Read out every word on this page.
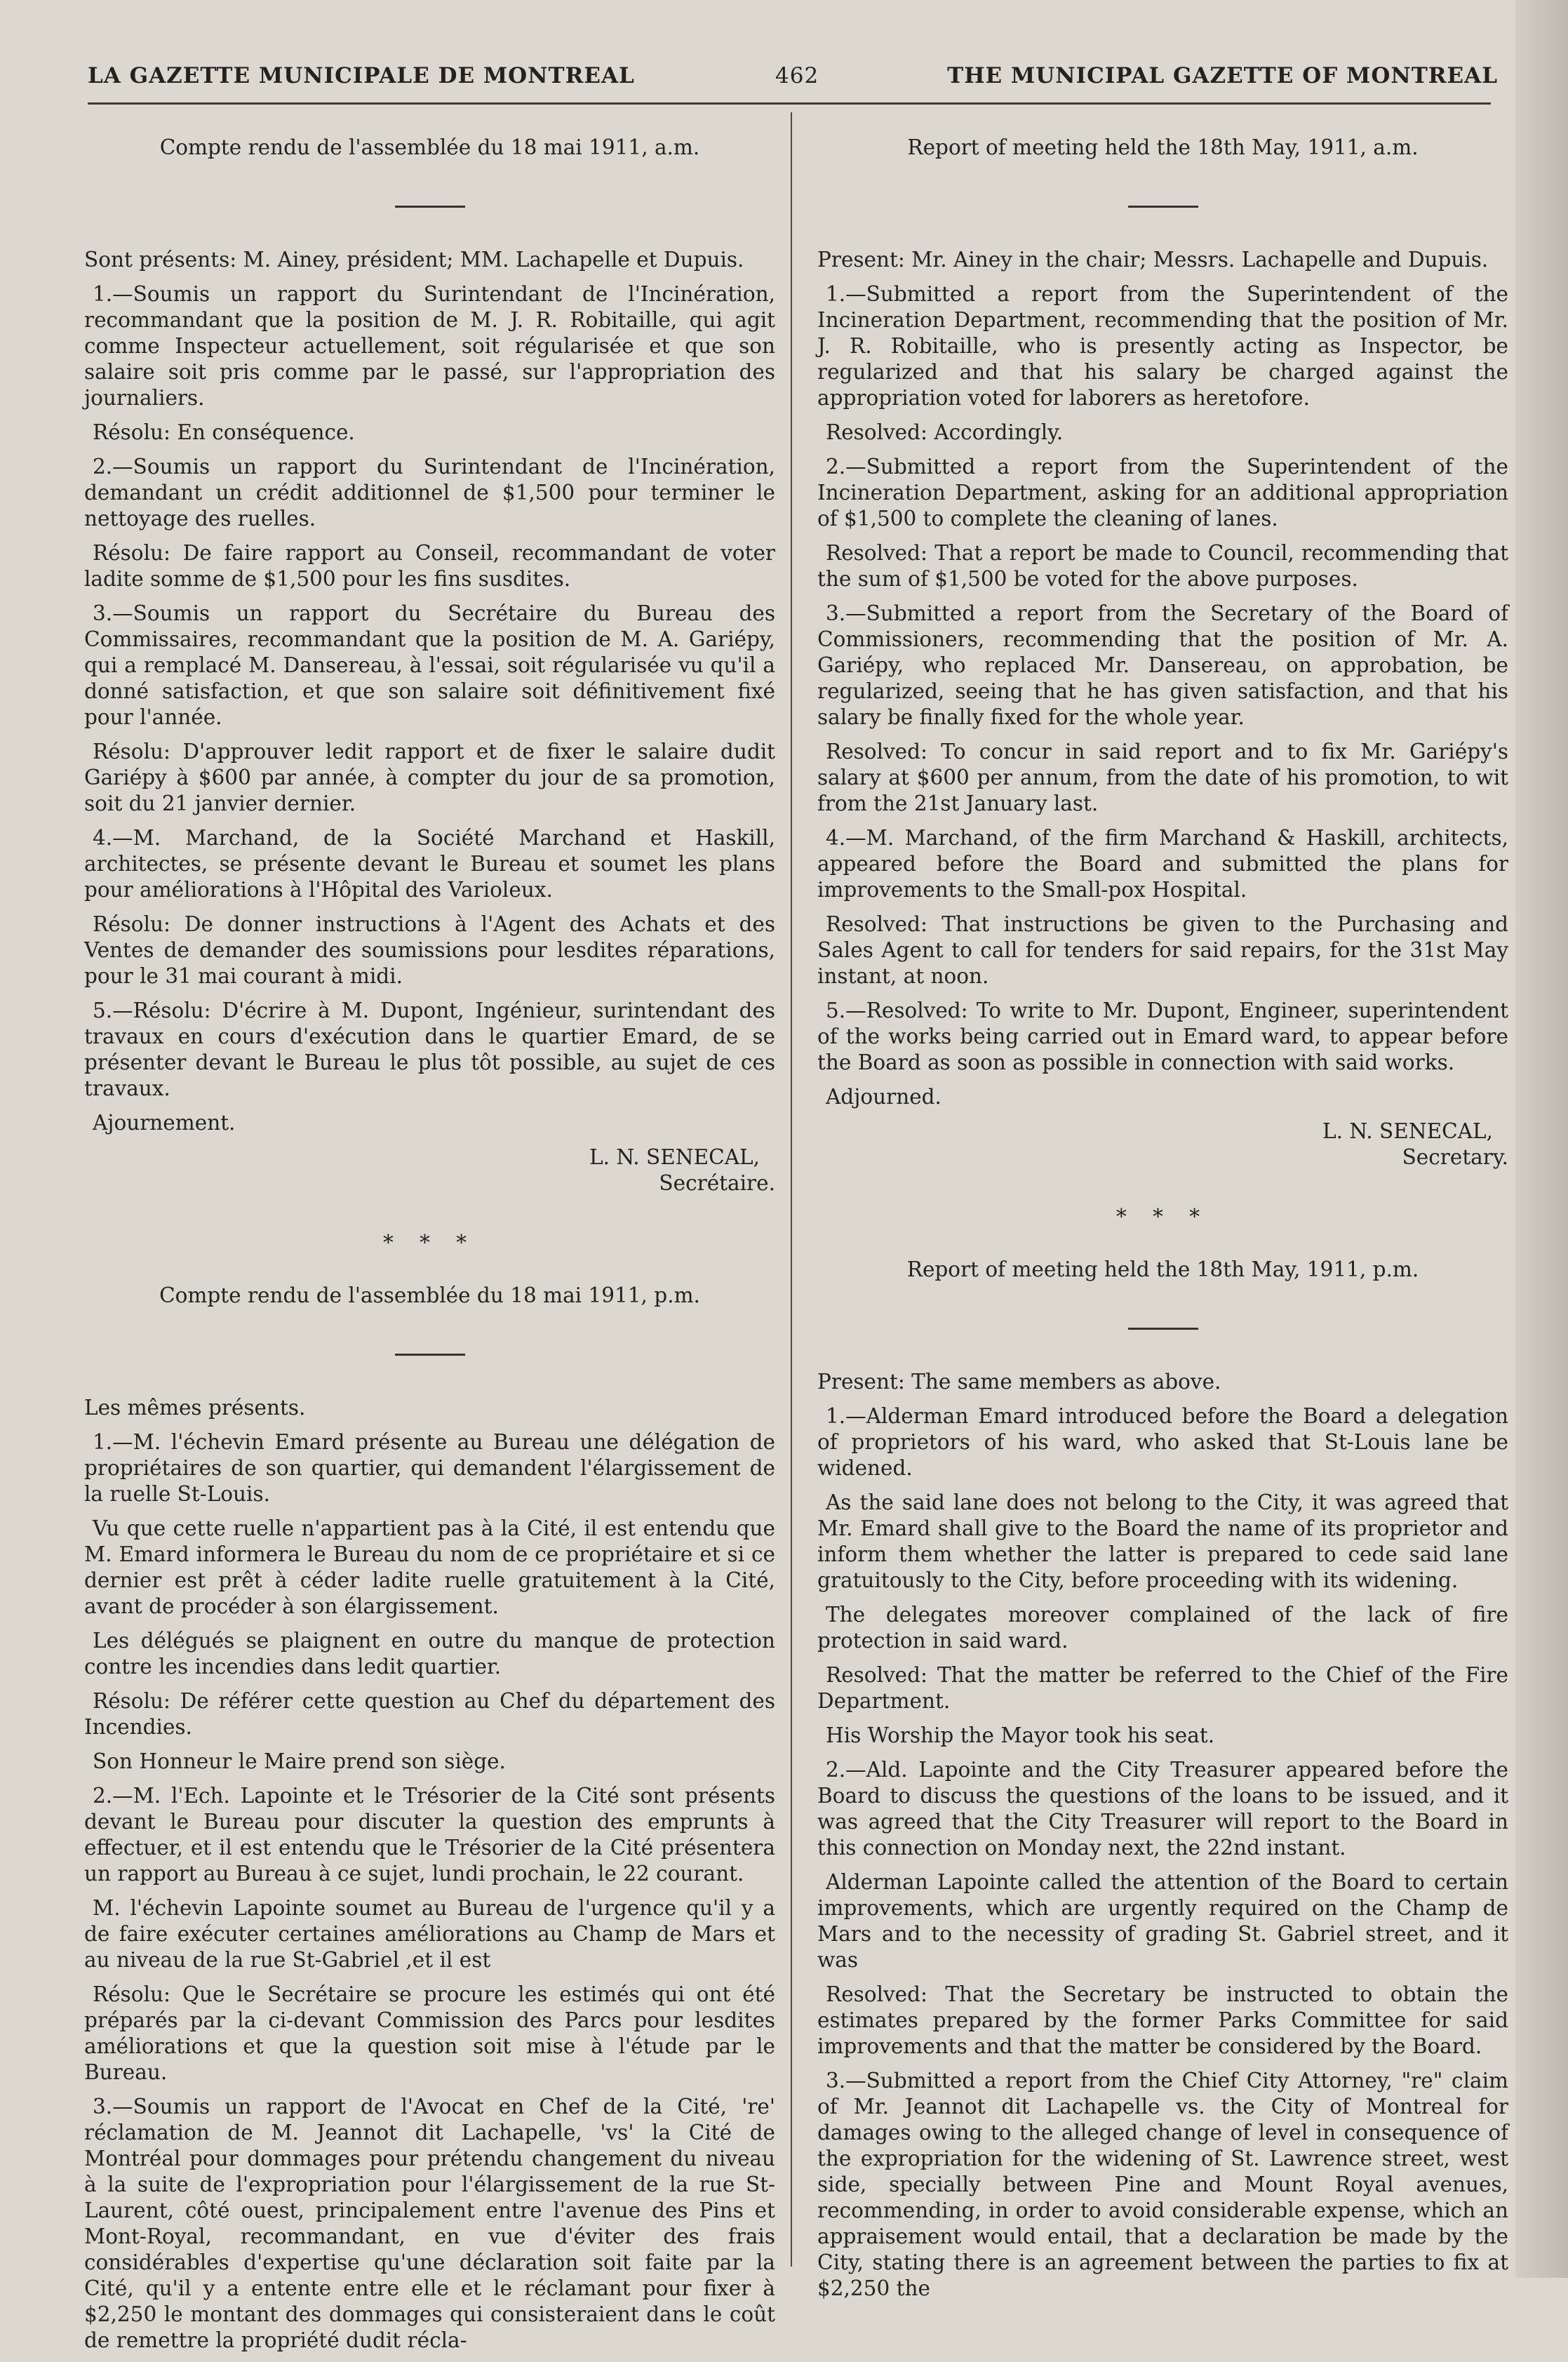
LA GAZETTE MUNICIPALE DE MONTREAL	462	THE MUNICIPAL GAZETTE OF MONTREAL
Compte rendu de l'assemblée du 18 mai 1911, a.m.

Sont présents: M. Ainey, président; MM. Lachapelle et Dupuis.

1.—Soumis un rapport du Surintendant de l'Incinération, recommandant que la position de M. J. R. Robitaille, qui agit comme Inspecteur actuellement, soit régularisée et que son salaire soit pris comme par le passé, sur l'appropriation des journaliers.

Résolu: En conséquence.

2.—Soumis un rapport du Surintendant de l'Incinération, demandant un crédit additionnel de $1,500 pour terminer le nettoyage des ruelles.

Résolu: De faire rapport au Conseil, recommandant de voter ladite somme de $1,500 pour les fins susdites.

3.—Soumis un rapport du Secrétaire du Bureau des Commissaires, recommandant que la position de M. A. Gariépy, qui a remplacé M. Dansereau, à l'essai, soit régularisée vu qu'il a donné satisfaction, et que son salaire soit définitivement fixé pour l'année.

Résolu: D'approuver ledit rapport et de fixer le salaire dudit Gariépy à $600 par année, à compter du jour de sa promotion, soit du 21 janvier dernier.

4.—M. Marchand, de la Société Marchand et Haskill, architectes, se présente devant le Bureau et soumet les plans pour améliorations à l'Hôpital des Varioleux.

Résolu: De donner instructions à l'Agent des Achats et des Ventes de demander des soumissions pour lesdites réparations, pour le 31 mai courant à midi.

5.—Résolu: D'écrire à M. Dupont, Ingénieur, surintendant des travaux en cours d'exécution dans le quartier Emard, de se présenter devant le Bureau le plus tôt possible, au sujet de ces travaux.

Ajournement.

L. N. SENECAL,
Secrétaire.
* * *
Compte rendu de l'assemblée du 18 mai 1911, p.m.

Les mêmes présents.

1.—M. l'échevin Emard présente au Bureau une délégation de propriétaires de son quartier, qui demandent l'élargissement de la ruelle St-Louis.

Vu que cette ruelle n'appartient pas à la Cité, il est entendu que M. Emard informera le Bureau du nom de ce propriétaire et si ce dernier est prêt à céder ladite ruelle gratuitement à la Cité, avant de procéder à son élargissement.

Les délégués se plaignent en outre du manque de protection contre les incendies dans ledit quartier.

Résolu: De référer cette question au Chef du département des Incendies.

Son Honneur le Maire prend son siège.

2.—M. l'Ech. Lapointe et le Trésorier de la Cité sont présents devant le Bureau pour discuter la question des emprunts à effectuer, et il est entendu que le Trésorier de la Cité présentera un rapport au Bureau à ce sujet, lundi prochain, le 22 courant.

M. l'échevin Lapointe soumet au Bureau de l'urgence qu'il y a de faire exécuter certaines améliorations au Champ de Mars et au niveau de la rue St-Gabriel ,et il est

Résolu: Que le Secrétaire se procure les estimés qui ont été préparés par la ci-devant Commission des Parcs pour lesdites améliorations et que la question soit mise à l'étude par le Bureau.

3.—Soumis un rapport de l'Avocat en Chef de la Cité, 're' réclamation de M. Jeannot dit Lachapelle, 'vs' la Cité de Montréal pour dommages pour prétendu changement du niveau à la suite de l'expropriation pour l'élargissement de la rue St-Laurent, côté ouest, principalement entre l'avenue des Pins et Mont-Royal, recommandant, en vue d'éviter des frais considérables d'expertise qu'une déclaration soit faite par la Cité, qu'il y a entente entre elle et le réclamant pour fixer à $2,250 le montant des dommages qui consisteraient dans le coût de remettre la propriété dudit récla-

Report of meeting held the 18th May, 1911, a.m.

Present: Mr. Ainey in the chair; Messrs. Lachapelle and Dupuis.

1.—Submitted a report from the Superintendent of the Incineration Department, recommending that the position of Mr. J. R. Robitaille, who is presently acting as Inspector, be regularized and that his salary be charged against the appropriation voted for laborers as heretofore.

Resolved: Accordingly.

2.—Submitted a report from the Superintendent of the Incineration Department, asking for an additional appropriation of $1,500 to complete the cleaning of lanes.

Resolved: That a report be made to Council, recommending that the sum of $1,500 be voted for the above purposes.

3.—Submitted a report from the Secretary of the Board of Commissioners, recommending that the position of Mr. A. Gariépy, who replaced Mr. Dansereau, on approbation, be regularized, seeing that he has given satisfaction, and that his salary be finally fixed for the whole year.

Resolved: To concur in said report and to fix Mr. Gariépy's salary at $600 per annum, from the date of his promotion, to wit from the 21st January last.

4.—M. Marchand, of the firm Marchand & Haskill, architects, appeared before the Board and submitted the plans for improvements to the Small-pox Hospital.

Resolved: That instructions be given to the Purchasing and Sales Agent to call for tenders for said repairs, for the 31st May instant, at noon.

5.—Resolved: To write to Mr. Dupont, Engineer, superintendent of the works being carried out in Emard ward, to appear before the Board as soon as possible in connection with said works.

Adjourned.

L. N. SENECAL,
Secretary.
* * *
Report of meeting held the 18th May, 1911, p.m.

Present: The same members as above.

1.—Alderman Emard introduced before the Board a delegation of proprietors of his ward, who asked that St-Louis lane be widened.

As the said lane does not belong to the City, it was agreed that Mr. Emard shall give to the Board the name of its proprietor and inform them whether the latter is prepared to cede said lane gratuitously to the City, before proceeding with its widening.

The delegates moreover complained of the lack of fire protection in said ward.

Resolved: That the matter be referred to the Chief of the Fire Department.

His Worship the Mayor took his seat.

2.—Ald. Lapointe and the City Treasurer appeared before the Board to discuss the questions of the loans to be issued, and it was agreed that the City Treasurer will report to the Board in this connection on Monday next, the 22nd instant.

Alderman Lapointe called the attention of the Board to certain improvements, which are urgently required on the Champ de Mars and to the necessity of grading St. Gabriel street, and it was

Resolved: That the Secretary be instructed to obtain the estimates prepared by the former Parks Committee for said improvements and that the matter be considered by the Board.

3.—Submitted a report from the Chief City Attorney, "re" claim of Mr. Jeannot dit Lachapelle vs. the City of Montreal for damages owing to the alleged change of level in consequence of the expropriation for the widening of St. Lawrence street, west side, specially between Pine and Mount Royal avenues, recommending, in order to avoid considerable expense, which an appraisement would entail, that a declaration be made by the City, stating there is an agreement between the parties to fix at $2,250 the
